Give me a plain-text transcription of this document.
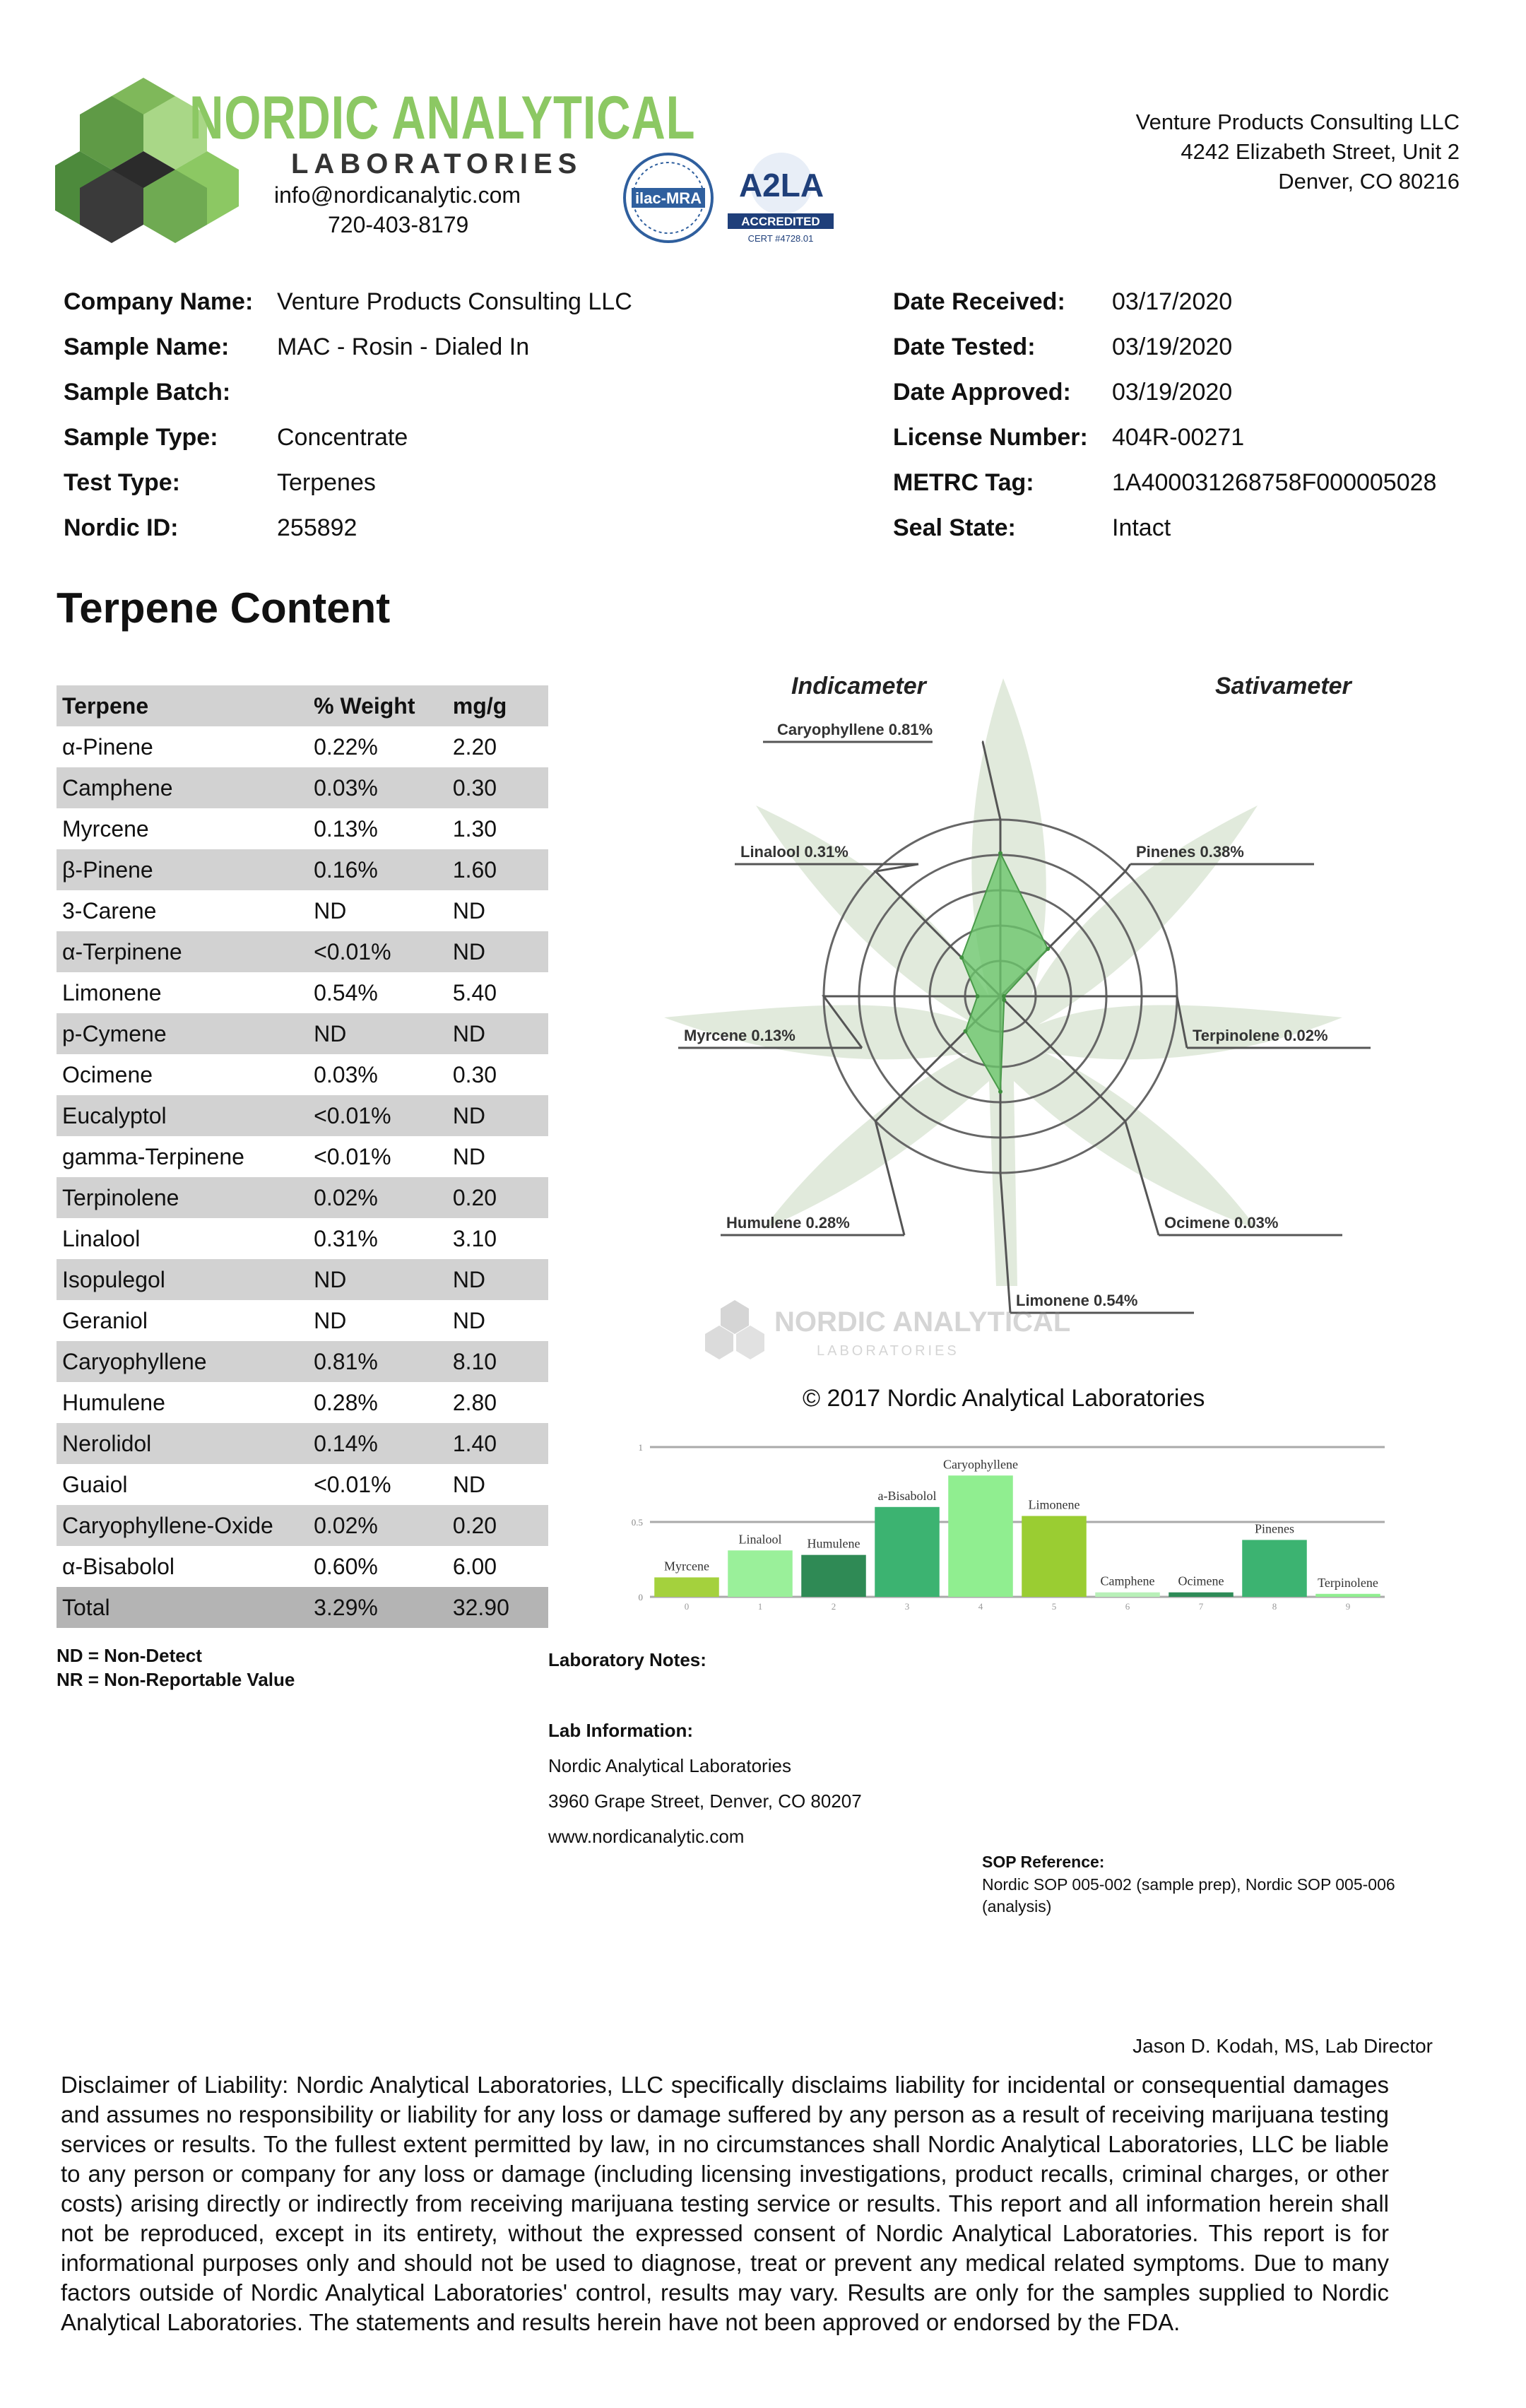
NORDIC ANALYTICAL
LABORATORIES
info@nordicanalytic.com
720-403-8179
ilac-MRA A2LA
ACCREDITED
CERT #4728.01
Venture Products Consulting LLC
4242 Elizabeth Street, Unit 2
Denver, CO 80216
Company Name: Venture Products Consulting LLC
Sample Name: MAC - Rosin - Dialed In
Sample Batch:
Sample Type: Concentrate
Test Type:	Terpenes
Nordic ID:	255892
Date Received: 03/17/2020
Date Tested:	03/19/2020
Date Approved: 03/19/2020
License Number: 404R-00271
METRC Tag:	1A400031268758F000005028
Seal State:	Intact
Terpene Content
Terpene	% Weight	mg/g
α-Pinene	0.22%	2.20
Camphene	0.03%	0.30
Myrcene	0.13%	1.30
β-Pinene	0.16%	1.60
3-Carene	ND	ND
α-Terpinene	<0.01%	ND
Limonene	0.54%	5.40
p-Cymene	ND	ND
Ocimene	0.03%	0.30
Eucalyptol	<0.01%	ND
gamma-Terpinene	<0.01%	ND
Terpinolene	0.02%	0.20
Linalool	0.31%	3.10
Isopulegol	ND	ND
Geraniol	ND	ND
Caryophyllene	0.81%	8.10
Humulene	0.28%	2.80
Nerolidol	0.14%	1.40
Guaiol	<0.01%	ND
Caryophyllene-Oxide	0.02%	0.20
α-Bisabolol	0.60%	6.00
Total	3.29%	32.90
ND = Non-Detect
NR = Non-Reportable Value
Caryophyllene 0.81%
Pinenes 0.38%
Terpinolene 0.02%
Ocimene 0.03%
Limonene 0.54%
Humulene 0.28%
Myrcene 0.13%
Linalool 0.31%
Indicameter	Sativameter
NORDIC ANALYTICAL
LABORATORIES
© 2017 Nordic Analytical Laboratories
0
0.5
1
Myrcene
0
Linalool
1
Humulene
2
a-Bisabolol
3
Caryophyllene
4
Limonene
5
Camphene
6
Ocimene
7
Pinenes
8
Terpinolene
9
Laboratory Notes:
Lab Information:
Nordic Analytical Laboratories
3960 Grape Street, Denver, CO 80207
www.nordicanalytic.com
SOP Reference:
Nordic SOP 005-002 (sample prep), Nordic SOP 005-006 (analysis)
Jason D. Kodah, MS, Lab Director
Disclaimer of Liability: Nordic Analytical Laboratories, LLC specifically disclaims liability for incidental or consequential damages and assumes no responsibility or liability for any loss or damage suffered by any person as a result of receiving marijuana testing services or results. To the fullest extent permitted by law, in no circumstances shall Nordic Analytical Laboratories, LLC be liable to any person or company for any loss or damage (including licensing investigations, product recalls, criminal charges, or other costs) arising directly or indirectly from receiving marijuana testing service or results. This report and all information herein shall not be reproduced, except in its entirety, without the expressed consent of Nordic Analytical Laboratories. This report is for informational purposes only and should not be used to diagnose, treat or prevent any medical related symptoms. Due to many factors outside of Nordic Analytical Laboratories' control, results may vary. Results are only for the samples supplied to Nordic Analytical Laboratories. The statements and results herein have not been approved or endorsed by the FDA.
